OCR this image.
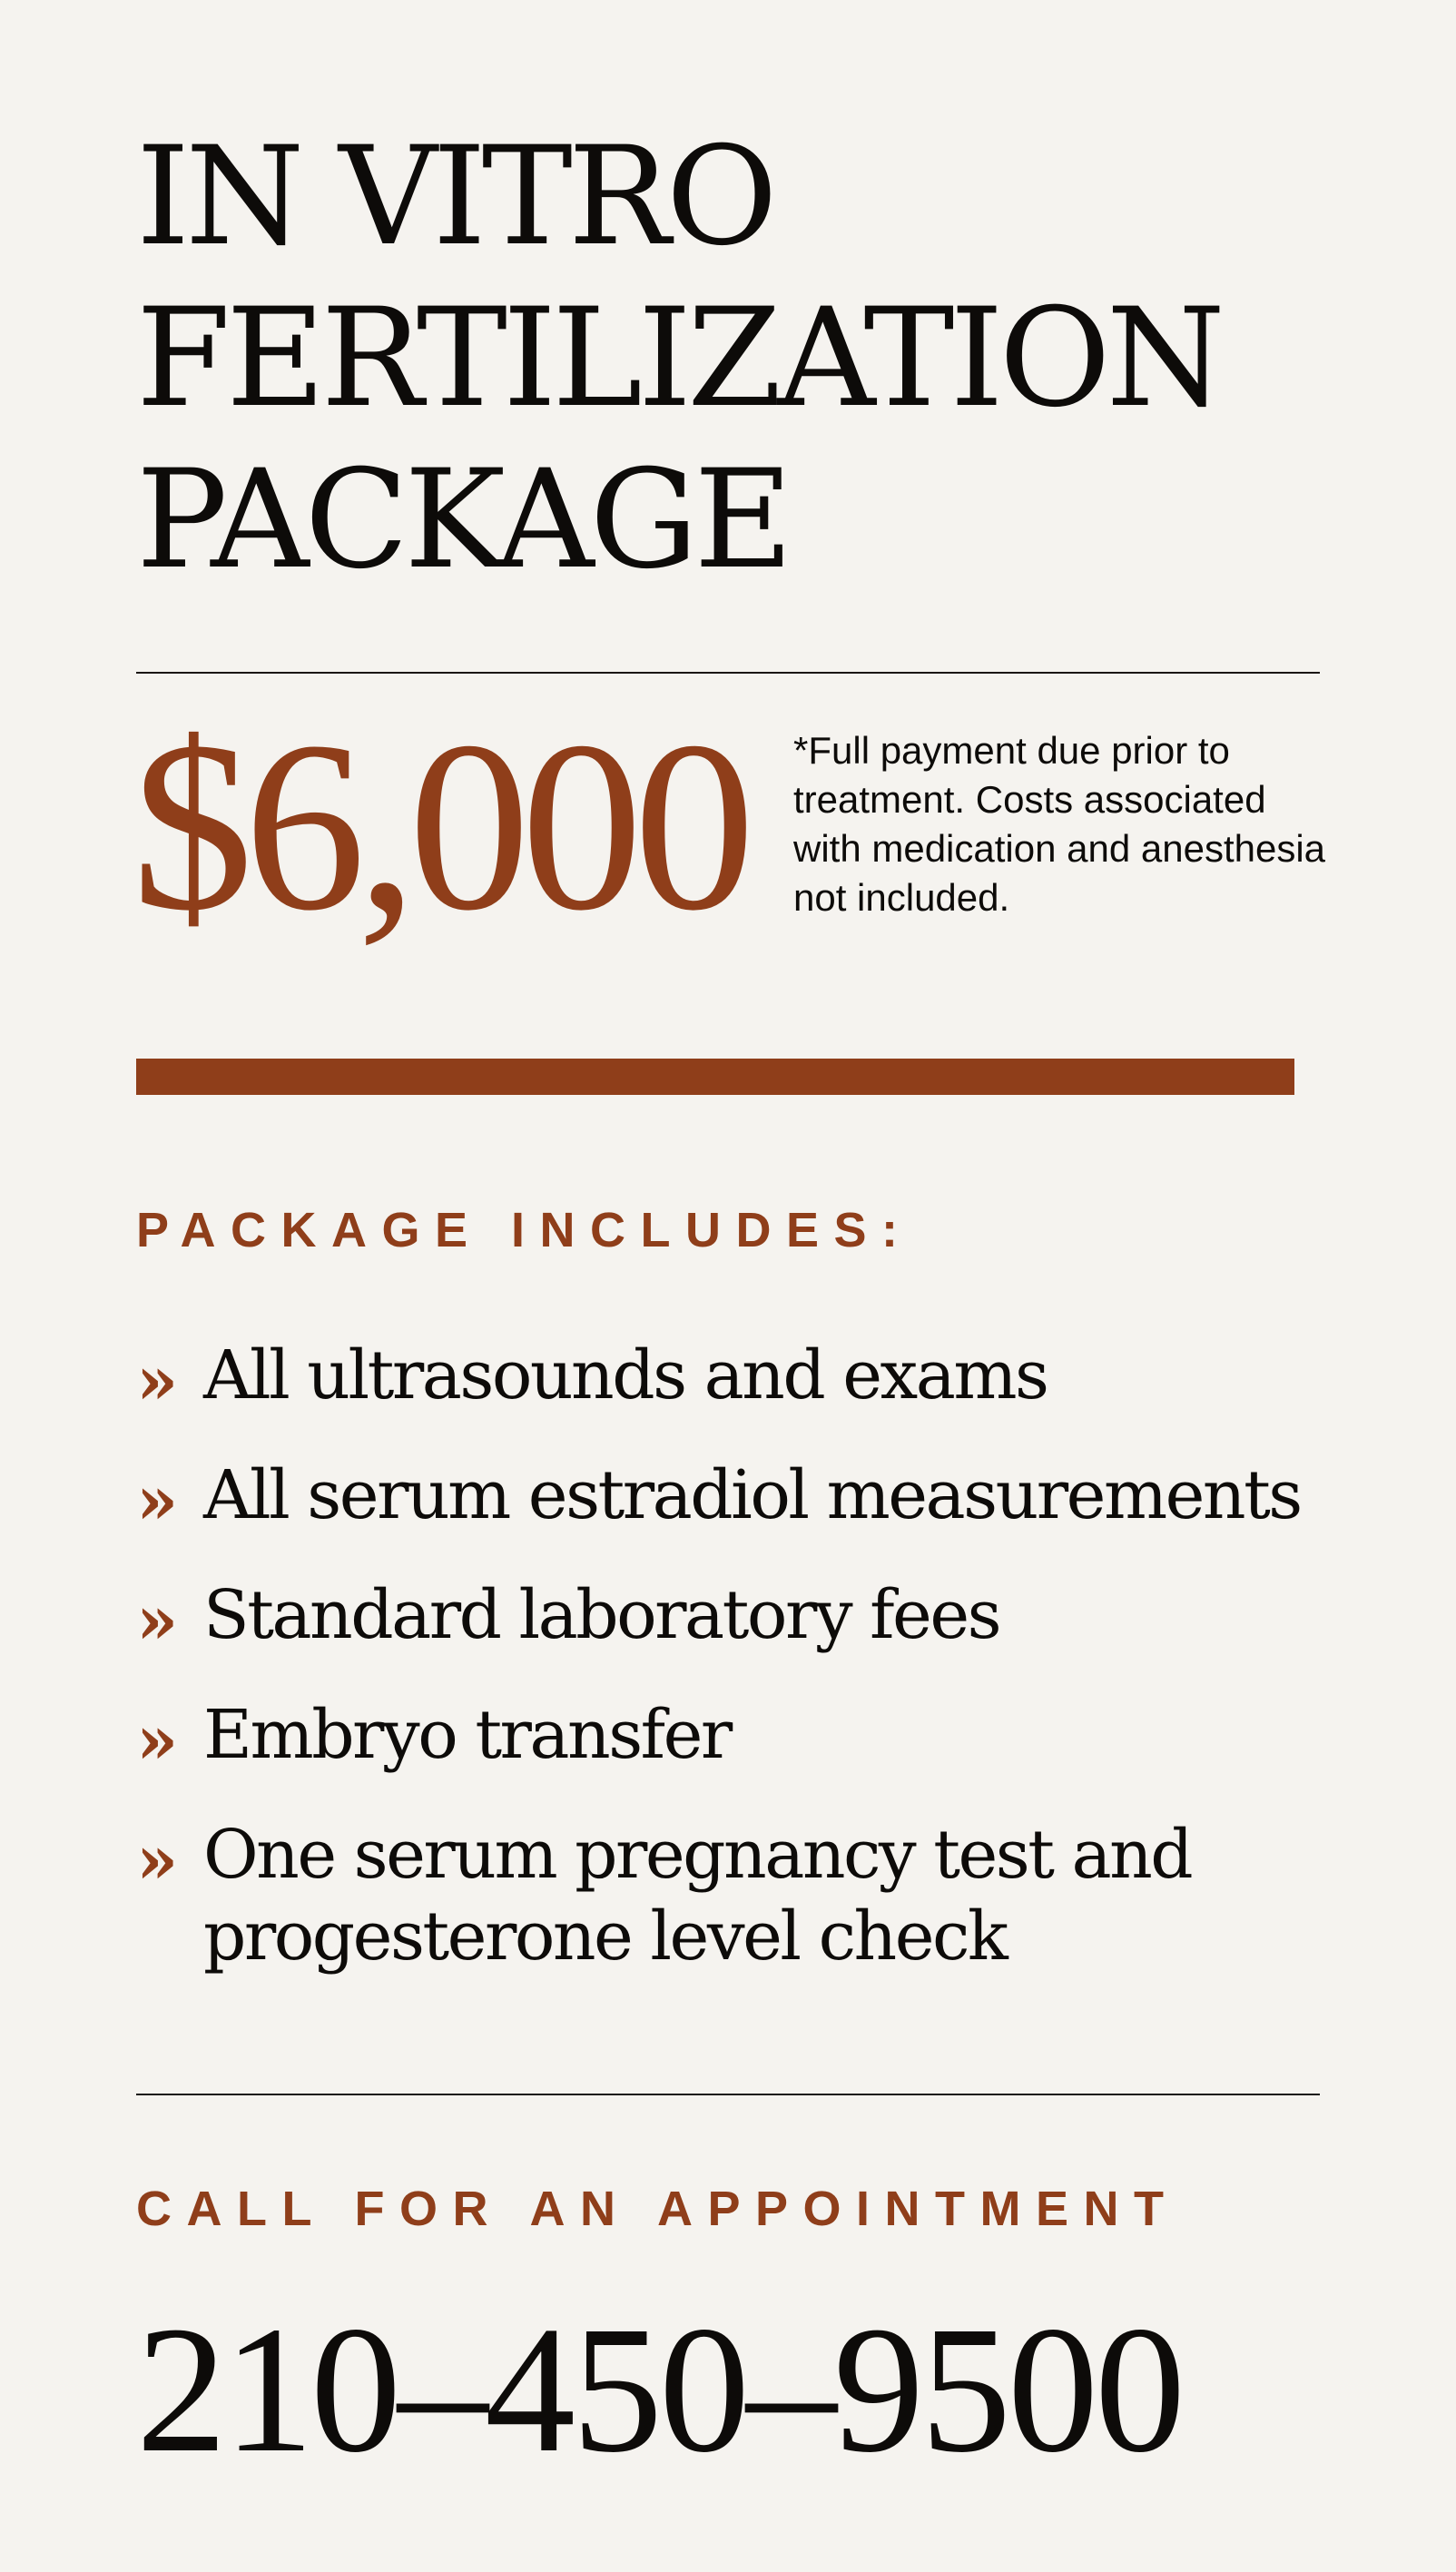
IN VITRO
FERTILIZATION
PACKAGE
$6,000 *Full payment due prior to treatment. Costs associated with medication and anesthesia not included.
PACKAGE INCLUDES:
» All ultrasounds and exams
» All serum estradiol measurements
» Standard laboratory fees
» Embryo transfer
» One serum pregnancy test and progesterone level check
CALL FOR AN APPOINTMENT
210–450–9500
